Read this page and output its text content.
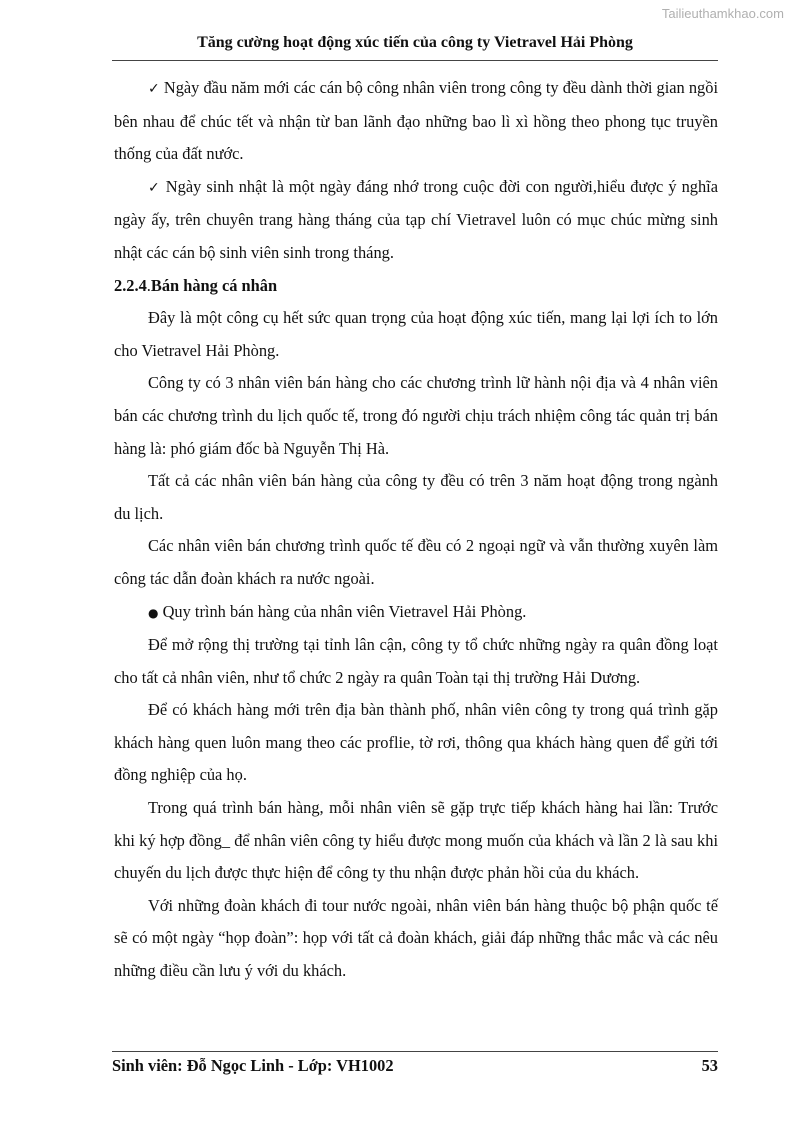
Tailieuthamkhao.com
Tăng cường hoạt động xúc tiến của công ty Vietravel Hải Phòng

✓ Ngày đầu năm mới các cán bộ công nhân viên trong công ty đều dành thời gian ngồi bên nhau để chúc tết và nhận từ ban lãnh đạo những bao lì xì hồng theo phong tục truyền thống của đất nước.

✓ Ngày sinh nhật là một ngày đáng nhớ trong cuộc đời con người,hiểu được ý nghĩa ngày ấy, trên chuyên trang hàng tháng của tạp chí Vietravel luôn có mục chúc mừng sinh nhật các cán bộ sinh viên sinh trong tháng.

2.2.4.Bán hàng cá nhân

Đây là một công cụ hết sức quan trọng của hoạt động xúc tiến, mang lại lợi ích to lớn cho Vietravel Hải Phòng.

Công ty có 3 nhân viên bán hàng cho các chương trình lữ hành nội địa và 4 nhân viên bán các chương trình du lịch quốc tế, trong đó người chịu trách nhiệm công tác quản trị bán hàng là: phó giám đốc bà Nguyễn Thị Hà.

Tất cả các nhân viên bán hàng của công ty đều có trên 3 năm hoạt động trong ngành du lịch.

Các nhân viên bán chương trình quốc tế đều có 2 ngoại ngữ và vẫn thường xuyên làm công tác dẫn đoàn khách ra nước ngoài.

● Quy trình bán hàng của nhân viên Vietravel Hải Phòng.

Để mở rộng thị trường tại tỉnh lân cận, công ty tổ chức những ngày ra quân đồng loạt cho tất cả nhân viên, như tổ chức 2 ngày ra quân Toàn tại thị trường Hải Dương.

Để có khách hàng mới trên địa bàn thành phố, nhân viên công ty trong quá trình gặp khách hàng quen luôn mang theo các proflie, tờ rơi, thông qua khách hàng quen để gửi tới đồng nghiệp của họ.

Trong quá trình bán hàng, mỗi nhân viên sẽ gặp trực tiếp khách hàng hai lần: Trước khi ký hợp đồng_ để nhân viên công ty hiểu được mong muốn của khách và lần 2 là sau khi chuyến du lịch được thực hiện để công ty thu nhận được phản hồi của du khách.

Với những đoàn khách đi tour nước ngoài, nhân viên bán hàng thuộc bộ phận quốc tế sẽ có một ngày “họp đoàn”: họp với tất cả đoàn khách, giải đáp những thắc mắc và các nêu những điều cần lưu ý với du khách.

Sinh viên: Đỗ Ngọc Linh - Lớp: VH1002	53
